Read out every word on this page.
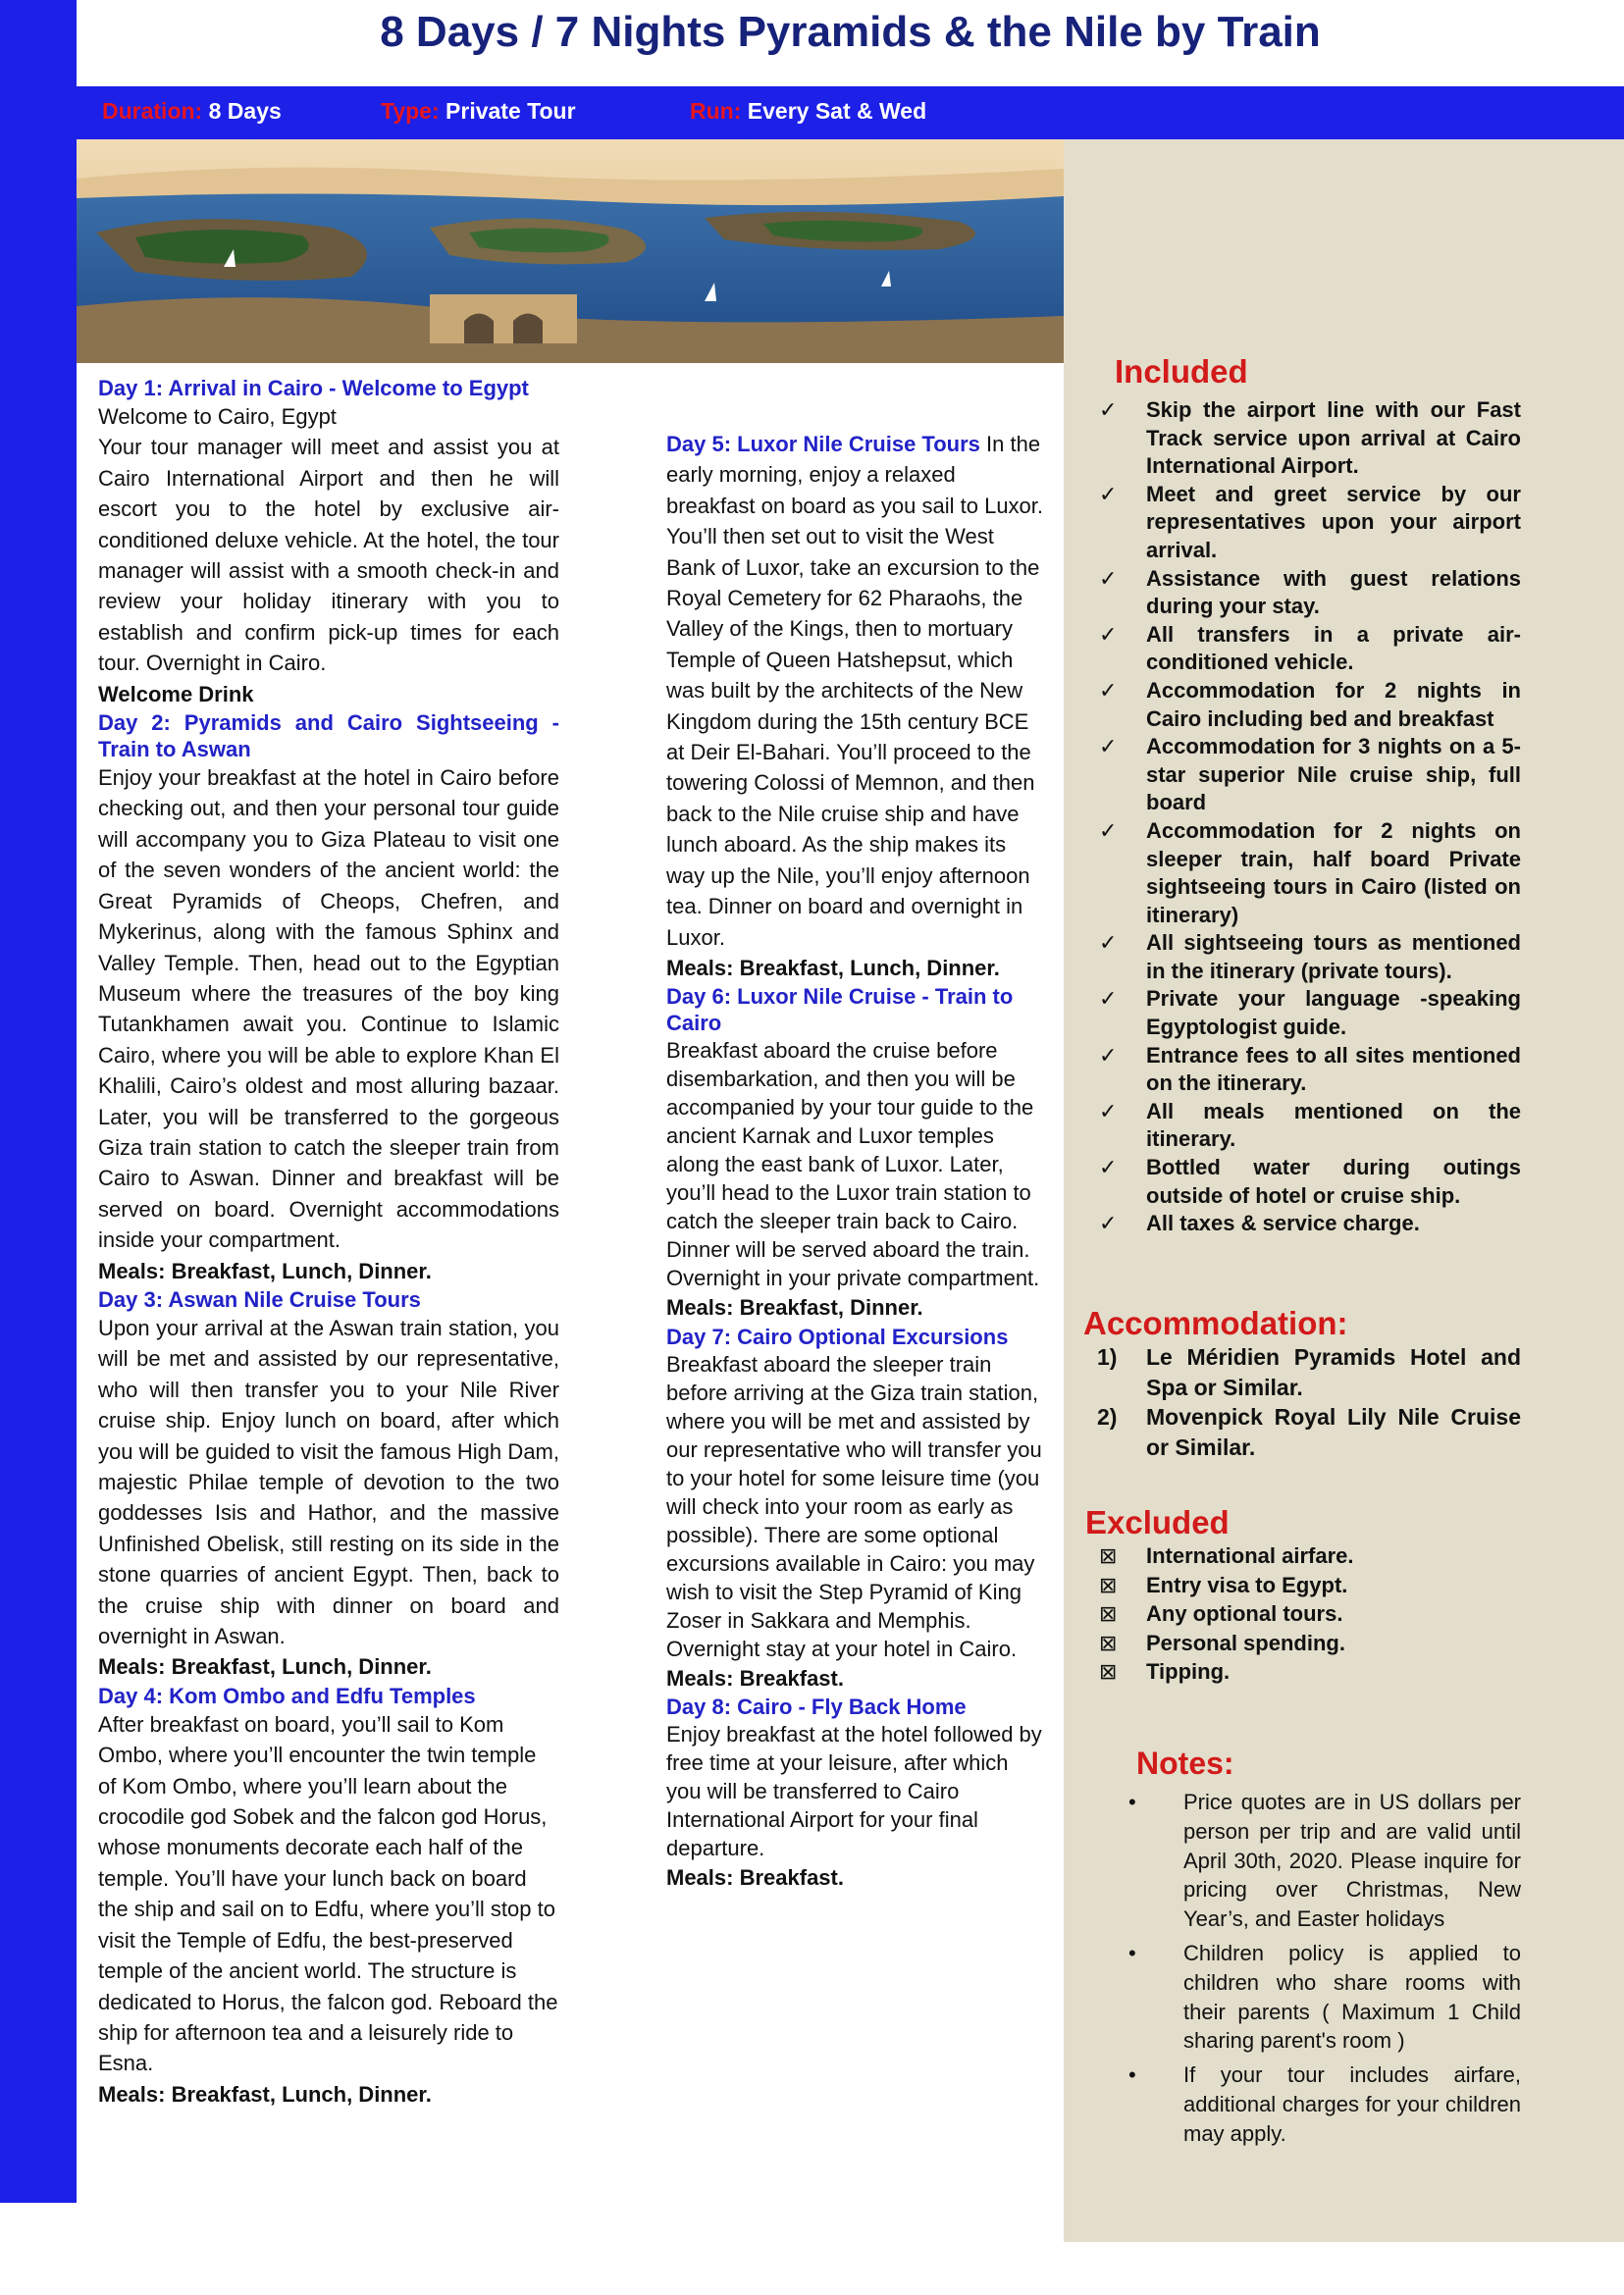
8 Days / 7 Nights Pyramids & the Nile by Train
Duration: 8 Days	Type: Private Tour	Run: Every Sat & Wed
Day 1: Arrival in Cairo - Welcome to Egypt

Welcome to Cairo, Egypt

Your tour manager will meet and assist you at Cairo International Airport and then he will escort you to the hotel by exclusive air-conditioned deluxe vehicle. At the hotel, the tour manager will assist with a smooth check-in and review your holiday itinerary with you to establish and confirm pick-up times for each tour. Overnight in Cairo.

Welcome Drink

Day 2: Pyramids and Cairo Sightseeing - Train to Aswan

Enjoy your breakfast at the hotel in Cairo before checking out, and then your personal tour guide will accompany you to Giza Plateau to visit one of the seven wonders of the ancient world: the Great Pyramids of Cheops, Chefren, and Mykerinus, along with the famous Sphinx and Valley Temple. Then, head out to the Egyptian Museum where the treasures of the boy king Tutankhamen await you. Continue to Islamic Cairo, where you will be able to explore Khan El Khalili, Cairo’s oldest and most alluring bazaar. Later, you will be transferred to the gorgeous Giza train station to catch the sleeper train from Cairo to Aswan. Dinner and breakfast will be served on board. Overnight accommodations inside your compartment.

Meals: Breakfast, Lunch, Dinner.

Day 3: Aswan Nile Cruise Tours

Upon your arrival at the Aswan train station, you will be met and assisted by our representative, who will then transfer you to your Nile River cruise ship. Enjoy lunch on board, after which you will be guided to visit the famous High Dam, majestic Philae temple of devotion to the two goddesses Isis and Hathor, and the massive Unfinished Obelisk, still resting on its side in the stone quarries of ancient Egypt. Then, back to the cruise ship with dinner on board and overnight in Aswan.

Meals: Breakfast, Lunch, Dinner.

Day 4: Kom Ombo and Edfu Temples

After breakfast on board, you’ll sail to Kom Ombo, where you’ll encounter the twin temple of Kom Ombo, where you’ll learn about the crocodile god Sobek and the falcon god Horus, whose monuments decorate each half of the temple. You’ll have your lunch back on board the ship and sail on to Edfu, where you’ll stop to visit the Temple of Edfu, the best-preserved temple of the ancient world. The structure is dedicated to Horus, the falcon god. Reboard the ship for afternoon tea and a leisurely ride to Esna.

Meals: Breakfast, Lunch, Dinner.

Day 5: Luxor Nile Cruise Tours In the early morning, enjoy a relaxed breakfast on board as you sail to Luxor. You’ll then set out to visit the West Bank of Luxor, take an excursion to the Royal Cemetery for 62 Pharaohs, the Valley of the Kings, then to mortuary Temple of Queen Hatshepsut, which was built by the architects of the New Kingdom during the 15th century BCE at Deir El-Bahari. You’ll proceed to the towering Colossi of Memnon, and then back to the Nile cruise ship and have lunch aboard. As the ship makes its way up the Nile, you’ll enjoy afternoon tea. Dinner on board and overnight in Luxor.

Meals: Breakfast, Lunch, Dinner.

Day 6: Luxor Nile Cruise - Train to Cairo

Breakfast aboard the cruise before disembarkation, and then you will be accompanied by your tour guide to the ancient Karnak and Luxor temples along the east bank of Luxor. Later, you’ll head to the Luxor train station to catch the sleeper train back to Cairo. Dinner will be served aboard the train. Overnight in your private compartment.

Meals: Breakfast, Dinner.

Day 7: Cairo Optional Excursions

Breakfast aboard the sleeper train before arriving at the Giza train station, where you will be met and assisted by our representative who will transfer you to your hotel for some leisure time (you will check into your room as early as possible). There are some optional excursions available in Cairo: you may wish to visit the Step Pyramid of King Zoser in Sakkara and Memphis. Overnight stay at your hotel in Cairo.

Meals: Breakfast.

Day 8: Cairo - Fly Back Home

Enjoy breakfast at the hotel followed by free time at your leisure, after which you will be transferred to Cairo International Airport for your final departure.

Meals: Breakfast.

Included
✓ Skip the airport line with our Fast Track service upon arrival at Cairo International Airport.
✓ Meet and greet service by our representatives upon your airport arrival.
✓ Assistance with guest relations during your stay.
✓ All transfers in a private air-conditioned vehicle.
✓ Accommodation for 2 nights in Cairo including bed and breakfast
✓ Accommodation for 3 nights on a 5-star superior Nile cruise ship, full board
✓ Accommodation for 2 nights on sleeper train, half board Private sightseeing tours in Cairo (listed on itinerary)
✓ All sightseeing tours as mentioned in the itinerary (private tours).
✓ Private your language -speaking Egyptologist guide.
✓ Entrance fees to all sites mentioned on the itinerary.
✓ All meals mentioned on the itinerary.
✓ Bottled water during outings outside of hotel or cruise ship.
✓ All taxes & service charge.
Accommodation:
1) Le Méridien Pyramids Hotel and Spa or Similar.
2) Movenpick Royal Lily Nile Cruise or Similar.
Excluded
⊠ International airfare.
⊠ Entry visa to Egypt.
⊠ Any optional tours.
⊠ Personal spending.
⊠ Tipping.
Notes:
• Price quotes are in US dollars per person per trip and are valid until April 30th, 2020. Please inquire for pricing over Christmas, New Year’s, and Easter holidays
• Children policy is applied to children who share rooms with their parents ( Maximum 1 Child sharing parent's room )
• If your tour includes airfare, additional charges for your children may apply.
